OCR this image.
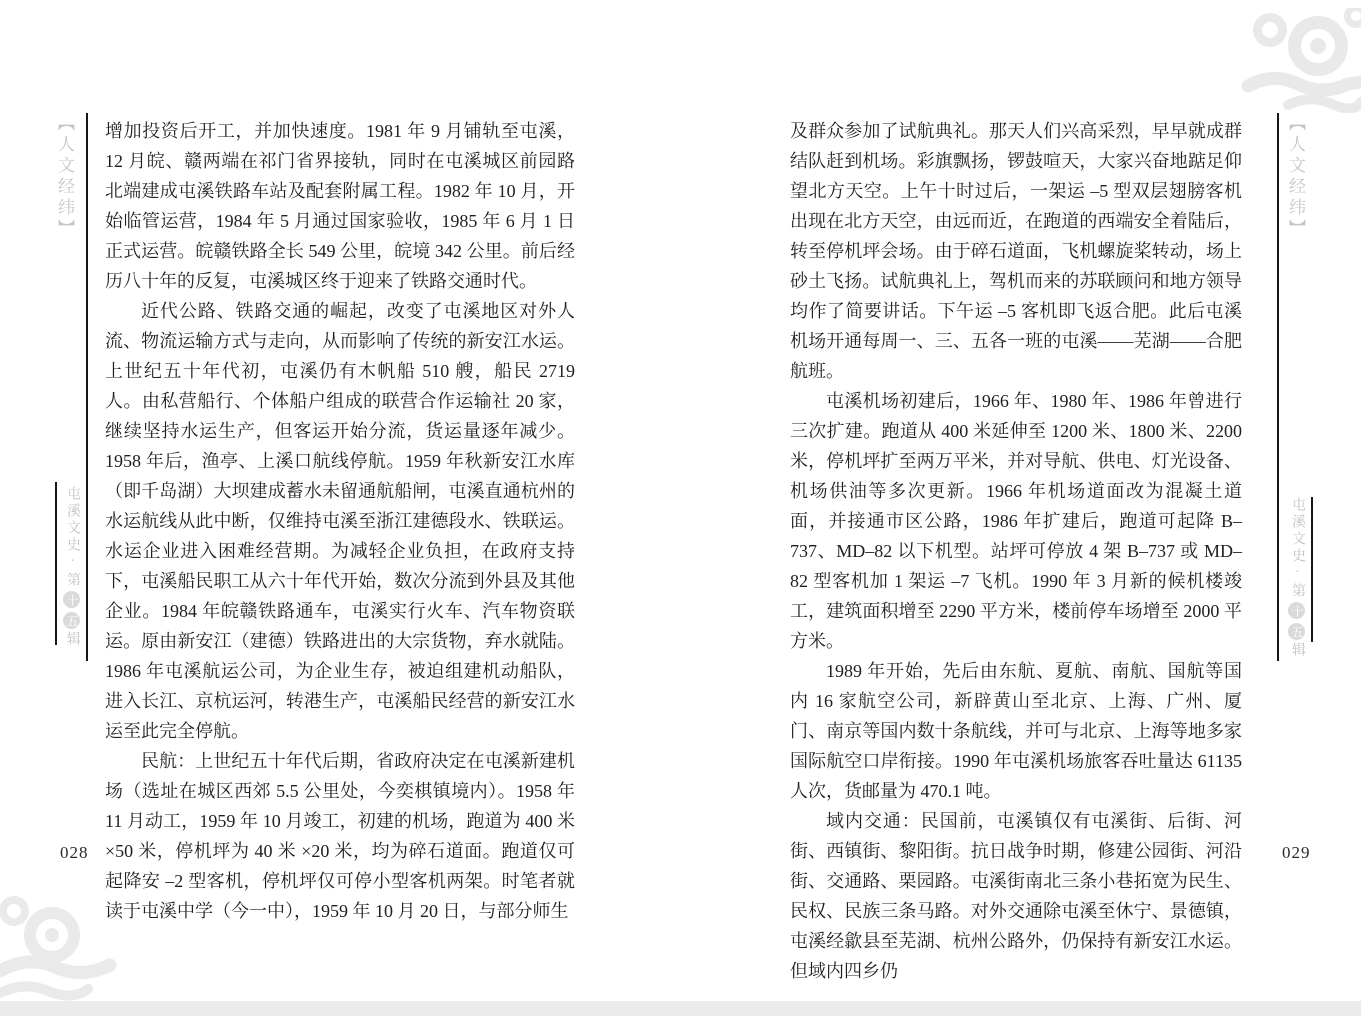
【人文经纬】
屯溪文史·第十五辑
028

增加投资后开工，并加快速度。1981 年 9 月铺轨至屯溪，12 月皖、赣两端在祁门省界接轨，同时在屯溪城区前园路北端建成屯溪铁路车站及配套附属工程。1982 年 10 月，开始临管运营，1984 年 5 月通过国家验收，1985 年 6 月 1 日正式运营。皖赣铁路全长 549 公里，皖境 342 公里。前后经历八十年的反复，屯溪城区终于迎来了铁路交通时代。

近代公路、铁路交通的崛起，改变了屯溪地区对外人流、物流运输方式与走向，从而影响了传统的新安江水运。上世纪五十年代初，屯溪仍有木帆船 510 艘，船民 2719 人。由私营船行、个体船户组成的联营合作运输社 20 家，继续坚持水运生产，但客运开始分流，货运量逐年减少。1958 年后，渔亭、上溪口航线停航。1959 年秋新安江水库（即千岛湖）大坝建成蓄水未留通航船闸，屯溪直通杭州的水运航线从此中断，仅维持屯溪至浙江建德段水、铁联运。水运企业进入困难经营期。为减轻企业负担，在政府支持下，屯溪船民职工从六十年代开始，数次分流到外县及其他企业。1984 年皖赣铁路通车，屯溪实行火车、汽车物资联运。原由新安江（建德）铁路进出的大宗货物，弃水就陆。1986 年屯溪航运公司，为企业生存，被迫组建机动船队，进入长江、京杭运河，转港生产，屯溪船民经营的新安江水运至此完全停航。

民航：上世纪五十年代后期，省政府决定在屯溪新建机场（选址在城区西郊 5.5 公里处，今奕棋镇境内）。1958 年 11 月动工，1959 年 10 月竣工，初建的机场，跑道为 400 米 ×50 米，停机坪为 40 米 ×20 米，均为碎石道面。跑道仅可起降安 –2 型客机，停机坪仅可停小型客机两架。时笔者就读于屯溪中学（今一中），1959 年 10 月 20 日，与部分师生

【人文经纬】
屯溪文史·第十五辑
029

及群众参加了试航典礼。那天人们兴高采烈，早早就成群结队赶到机场。彩旗飘扬，锣鼓喧天，大家兴奋地踮足仰望北方天空。上午十时过后，一架运 –5 型双层翅膀客机出现在北方天空，由远而近，在跑道的西端安全着陆后，转至停机坪会场。由于碎石道面，飞机螺旋桨转动，场上砂土飞扬。试航典礼上，驾机而来的苏联顾问和地方领导均作了简要讲话。下午运 –5 客机即飞返合肥。此后屯溪机场开通每周一、三、五各一班的屯溪——芜湖——合肥航班。

屯溪机场初建后，1966 年、1980 年、1986 年曾进行三次扩建。跑道从 400 米延伸至 1200 米、1800 米、2200 米，停机坪扩至两万平米，并对导航、供电、灯光设备、机场供油等多次更新。1966 年机场道面改为混凝土道面，并接通市区公路，1986 年扩建后，跑道可起降 B–737、MD–82 以下机型。站坪可停放 4 架 B–737 或 MD–82 型客机加 1 架运 –7 飞机。1990 年 3 月新的候机楼竣工，建筑面积增至 2290 平方米，楼前停车场增至 2000 平方米。

1989 年开始，先后由东航、夏航、南航、国航等国内 16 家航空公司，新辟黄山至北京、上海、广州、厦门、南京等国内数十条航线，并可与北京、上海等地多家国际航空口岸衔接。1990 年屯溪机场旅客吞吐量达 61135 人次，货邮量为 470.1 吨。

域内交通：民国前，屯溪镇仅有屯溪街、后街、河街、西镇街、黎阳街。抗日战争时期，修建公园街、河沿街、交通路、栗园路。屯溪街南北三条小巷拓宽为民生、民权、民族三条马路。对外交通除屯溪至休宁、景德镇，屯溪经歙县至芜湖、杭州公路外，仍保持有新安江水运。但域内四乡仍
